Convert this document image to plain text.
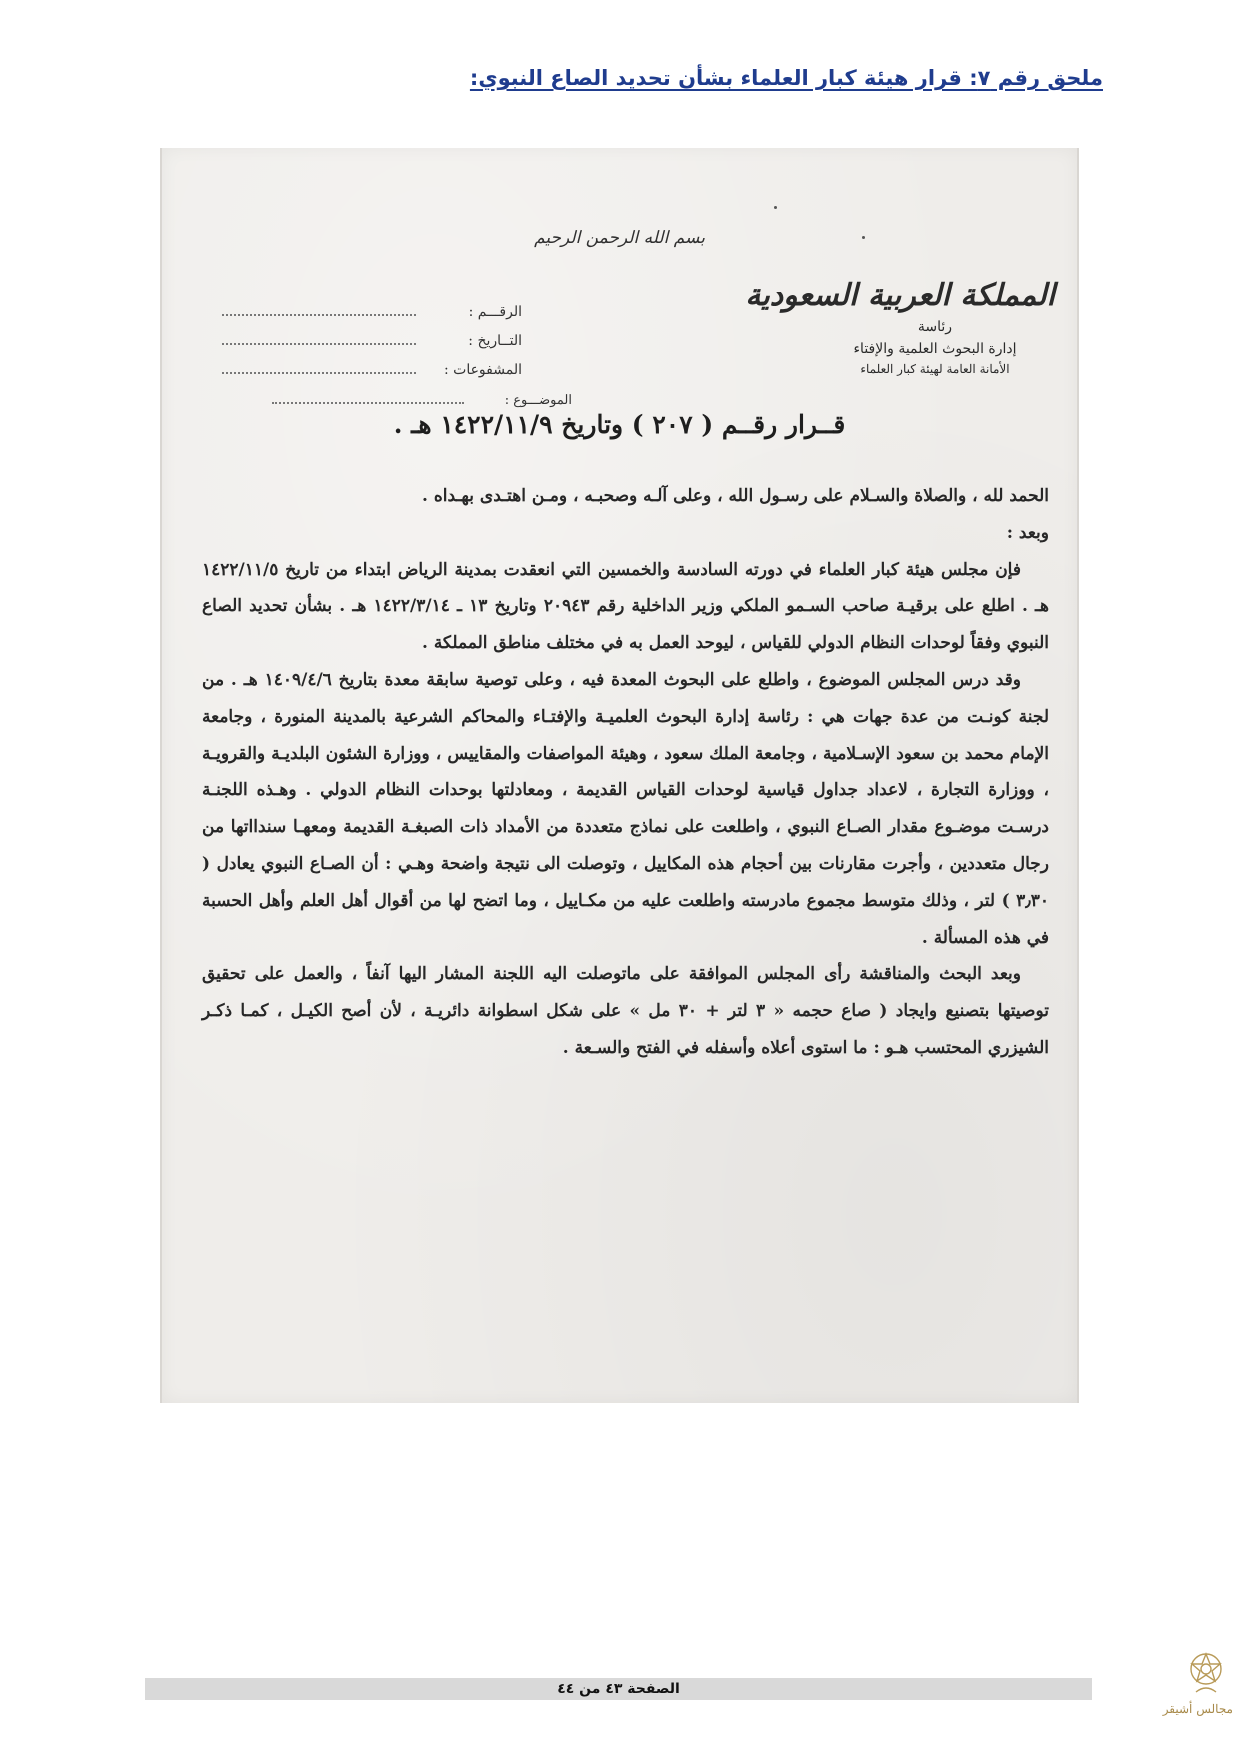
ملحق رقم ٧: قرار هيئة كبار العلماء بشأن تحديد الصاع النبوي:
بسم الله الرحمن الرحيم
المملكة العربية السعودية
رئاسة
إدارة البحوث العلمية والإفتاء
الأمانة العامة لهيئة كبار العلماء
الرقـــم :
التــاريخ :
المشفوعات :
الموضـــوع :
قــرار رقــم ( ٢٠٧ ) وتاريخ ١٤٢٢/١١/٩ هـ .

الحمد لله ، والصلاة والسـلام على رسـول الله ، وعلى آلـه وصحبـه ، ومـن اهتـدى بهـداه .

وبعد :

فإن مجلس هيئة كبار العلماء في دورته السادسة والخمسين التي انعقدت بمدينة الرياض ابتداء من تاريخ ١٤٢٢/١١/٥ هـ . اطلع على برقيـة صاحب السـمو الملكي وزير الداخلية رقم ٢٠٩٤٣ وتاريخ ١٣ ـ ١٤٢٢/٣/١٤ هـ . بشأن تحديد الصاع النبوي وفقاً لوحدات النظام الدولي للقياس ، ليوحد العمل به في مختلف مناطق المملكة .

وقد درس المجلس الموضوع ، واطلع على البحوث المعدة فيه ، وعلى توصية سابقة معدة بتاريخ ١٤٠٩/٤/٦ هـ . من لجنة كونـت من عدة جهات هي : رئاسة إدارة البحوث العلميـة والإفتـاء والمحاكم الشرعية بالمدينة المنورة ، وجامعة الإمام محمد بن سعود الإسـلامية ، وجامعة الملك سعود ، وهيئة المواصفات والمقاييس ، ووزارة الشئون البلديـة والقرويـة ، ووزارة التجارة ، لاعداد جداول قياسية لوحدات القياس القديمة ، ومعادلتها بوحدات النظام الدولي . وهـذه اللجنـة درسـت موضـوع مقدار الصـاع النبوي ، واطلعت على نماذج متعددة من الأمداد ذات الصبغـة القديمة ومعهـا سندااتها من رجال متعددين ، وأجرت مقارنات بين أحجام هذه المكاييل ، وتوصلت الى نتيجة واضحة وهـي : أن الصـاع النبوي يعادل ( ٣٫٣٠ ) لتر ، وذلك متوسط مجموع مادرسته واطلعت عليه من مكـاييل ، وما اتضح لها من أقوال أهل العلم وأهل الحسبة في هذه المسألة .

وبعد البحث والمناقشة رأى المجلس الموافقة على ماتوصلت اليه اللجنة المشار اليها آنفاً ، والعمل على تحقيق توصيتها بتصنيع وايجاد ( صاع حجمه « ٣ لتر + ٣٠ مل » على شكل اسطوانة دائريـة ، لأن أصح الكيـل ، كمـا ذكـر الشيزري المحتسب هـو : ما استوى أعلاه وأسفله في الفتح والسـعة .

الصفحة ٤٣ من ٤٤
مجالس أشيقر
